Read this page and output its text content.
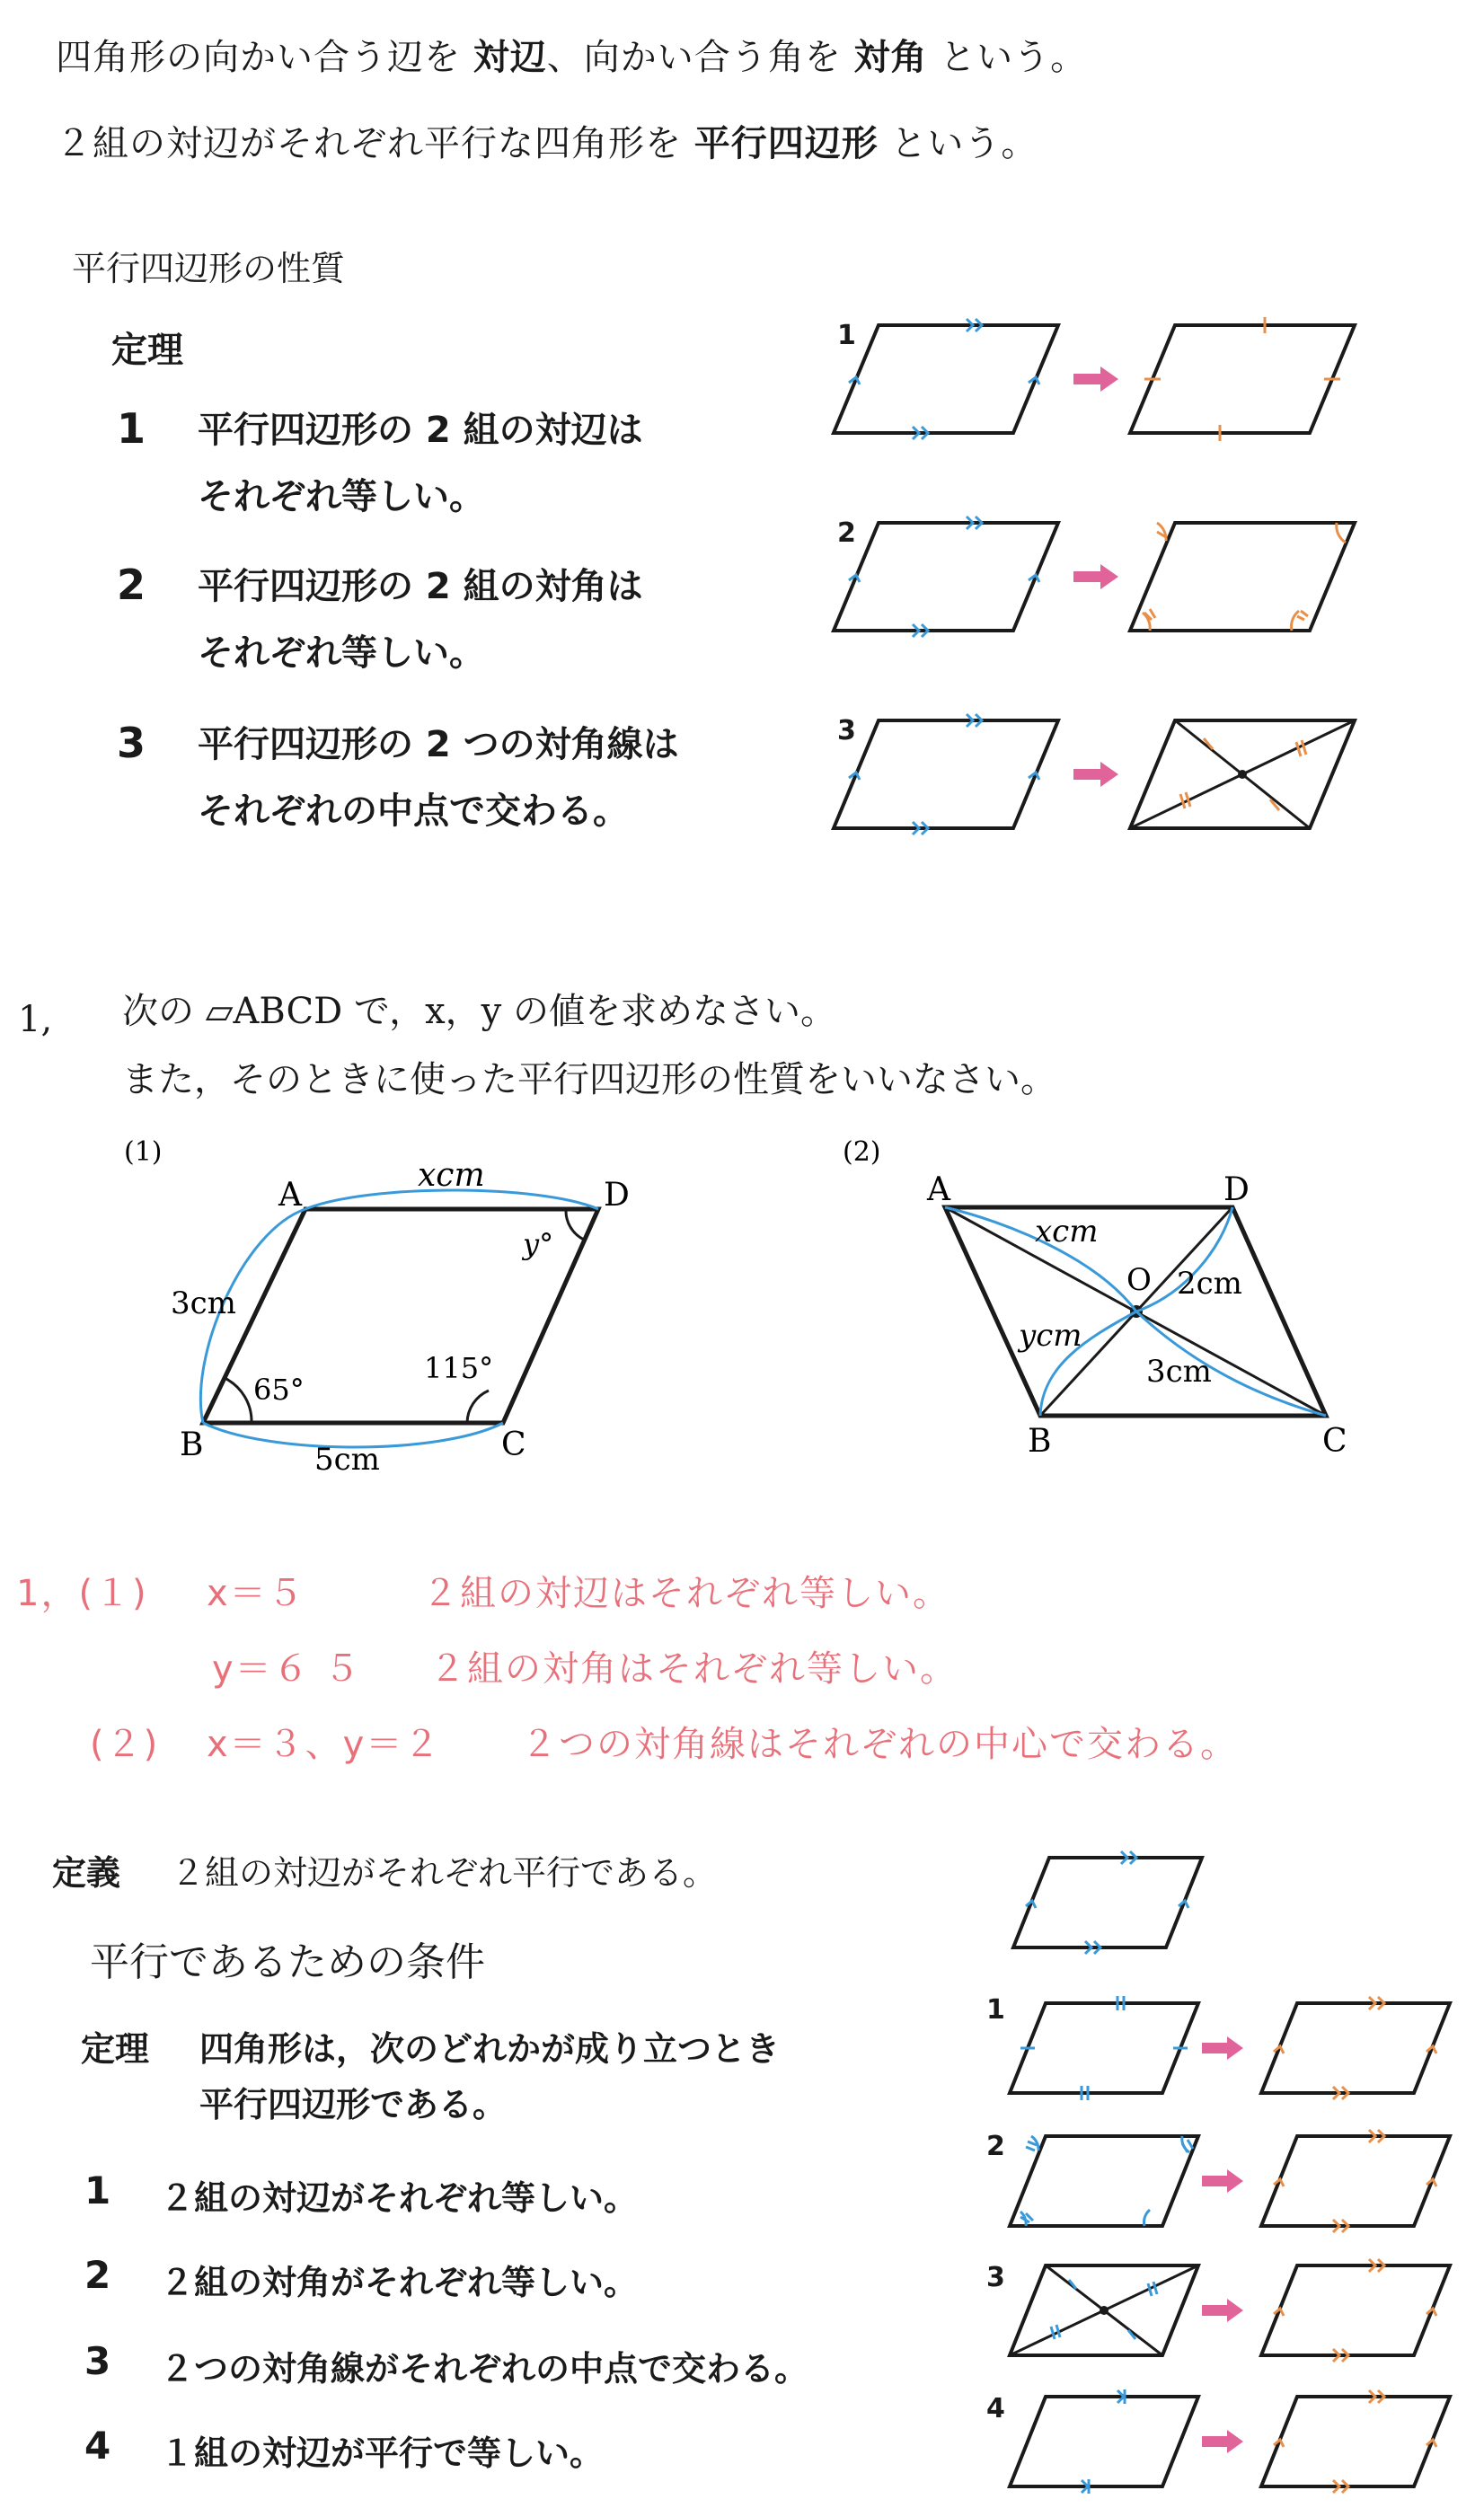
四角形の向かい合う辺を 対辺、向かい合う角を 対角 という。
２組の対辺がそれぞれ平行な四角形を 平行四辺形 という。
平行四辺形の性質
定理
1 平行四辺形の 2 組の対辺は
それぞれ等しい。
2 平行四辺形の 2 組の対角は
それぞれ等しい。
3 平行四辺形の 2 つの対角線は
それぞれの中点で交わる。
1
2
3
1, 次の ▱ABCD で，x，y の値を求めなさい。
また，そのときに使った平行四辺形の性質をいいなさい。
(1)
A	D
B	C
xcm
3cm
5cm
65°
115°
y°
(2)
A	D
B	C
O
xcm
2cm
ycm
3cm
1，(１) x＝５	２組の対辺はそれぞれ等しい。
y＝６ ５ ２組の対角はそれぞれ等しい。
(２) x＝３、y＝２ ２つの対角線はそれぞれの中心で交わる。
定義 ２組の対辺がそれぞれ平行である。
平行であるための条件
定理 四角形は，次のどれかが成り立つとき
平行四辺形である。
1 ２組の対辺がそれぞれ等しい。
2 ２組の対角がそれぞれ等しい。
3 ２つの対角線がそれぞれの中点で交わる。
4 １組の対辺が平行で等しい。
1
2
3
4
